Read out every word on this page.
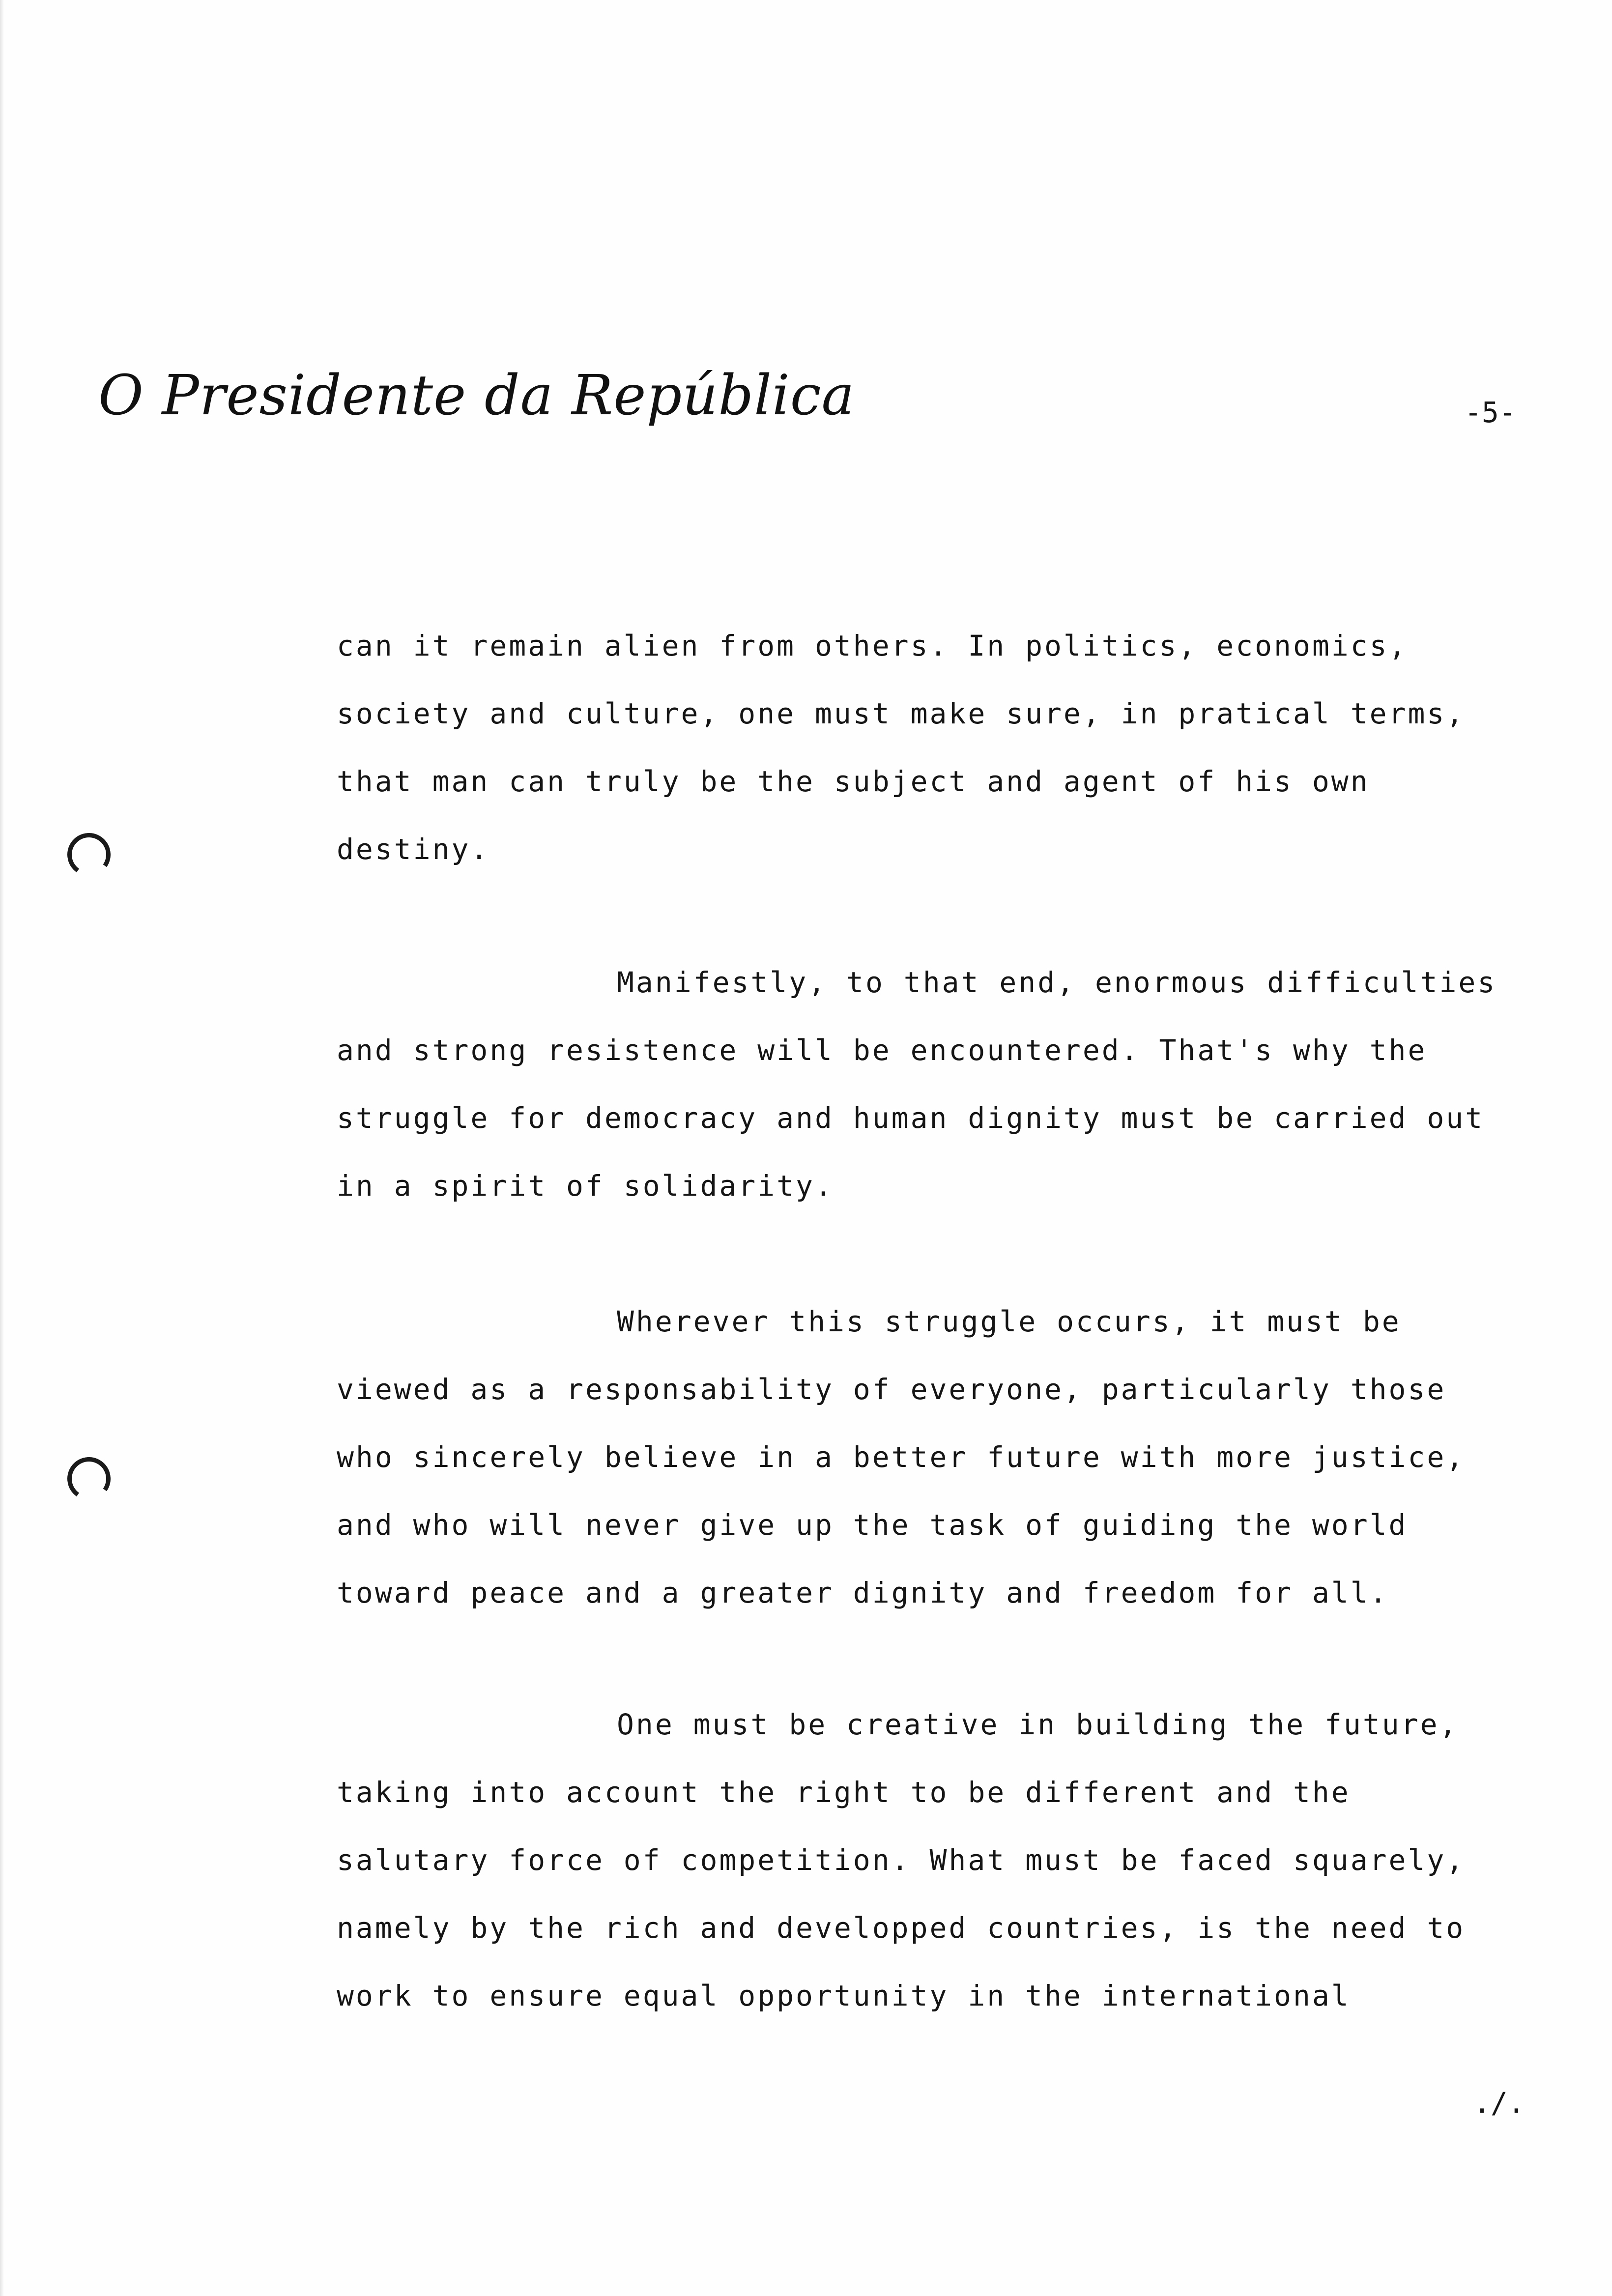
O Presidente da República	-5-
can it remain alien from others. In politics, economics,
society and culture, one must make sure, in pratical terms,
that man can truly be the subject and agent of his own
destiny.
Manifestly, to that end, enormous difficulties
and strong resistence will be encountered. That's why the
struggle for democracy and human dignity must be carried out
in a spirit of solidarity.
Wherever this struggle occurs, it must be
viewed as a responsability of everyone, particularly those
who sincerely believe in a better future with more justice,
and who will never give up the task of guiding the world
toward peace and a greater dignity and freedom for all.
One must be creative in building the future,
taking into account the right to be different and the
salutary force of competition. What must be faced squarely,
namely by the rich and developped countries, is the need to
work to ensure equal opportunity in the international
./.
